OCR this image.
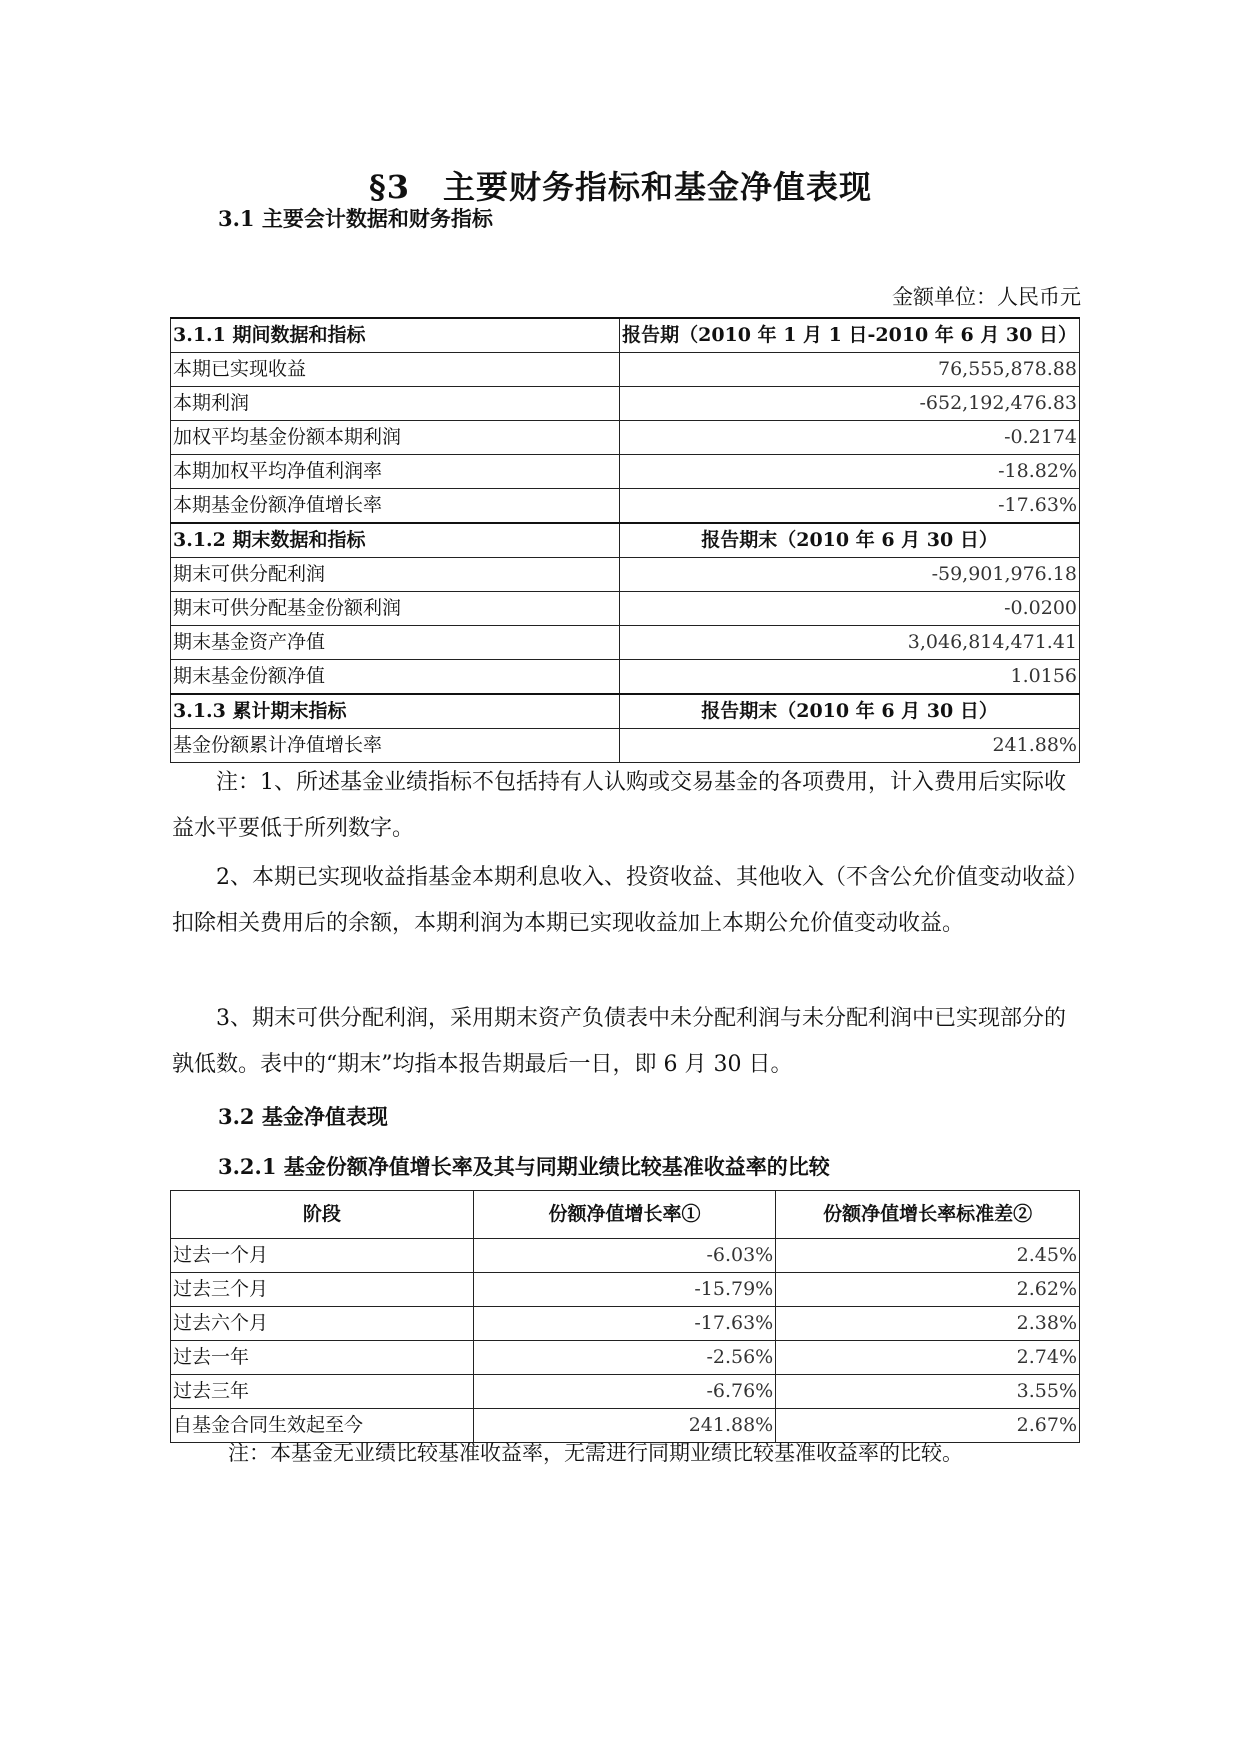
§3　主要财务指标和基金净值表现
3.1 主要会计数据和财务指标
金额单位：人民币元
3.1.1 期间数据和指标	报告期（2010 年 1 月 1 日-2010 年 6 月 30 日）
本期已实现收益	76,555,878.88
本期利润	-652,192,476.83
加权平均基金份额本期利润	-0.2174
本期加权平均净值利润率	-18.82%
本期基金份额净值增长率	-17.63%
3.1.2 期末数据和指标	报告期末（2010 年 6 月 30 日）
期末可供分配利润	-59,901,976.18
期末可供分配基金份额利润	-0.0200
期末基金资产净值	3,046,814,471.41
期末基金份额净值	1.0156
3.1.3 累计期末指标	报告期末（2010 年 6 月 30 日）
基金份额累计净值增长率	241.88%
注：1、所述基金业绩指标不包括持有人认购或交易基金的各项费用，计入费用后实际收益水平要低于所列数字。
2、本期已实现收益指基金本期利息收入、投资收益、其他收入（不含公允价值变动收益）扣除相关费用后的余额，本期利润为本期已实现收益加上本期公允价值变动收益。
3、期末可供分配利润，采用期末资产负债表中未分配利润与未分配利润中已实现部分的孰低数。表中的“期末”均指本报告期最后一日，即 6 月 30 日。
3.2 基金净值表现
3.2.1 基金份额净值增长率及其与同期业绩比较基准收益率的比较
阶段	份额净值增长率①	份额净值增长率标准差②
过去一个月	-6.03%	2.45%
过去三个月	-15.79%	2.62%
过去六个月	-17.63%	2.38%
过去一年	-2.56%	2.74%
过去三年	-6.76%	3.55%
自基金合同生效起至今	241.88%	2.67%
注：本基金无业绩比较基准收益率，无需进行同期业绩比较基准收益率的比较。
